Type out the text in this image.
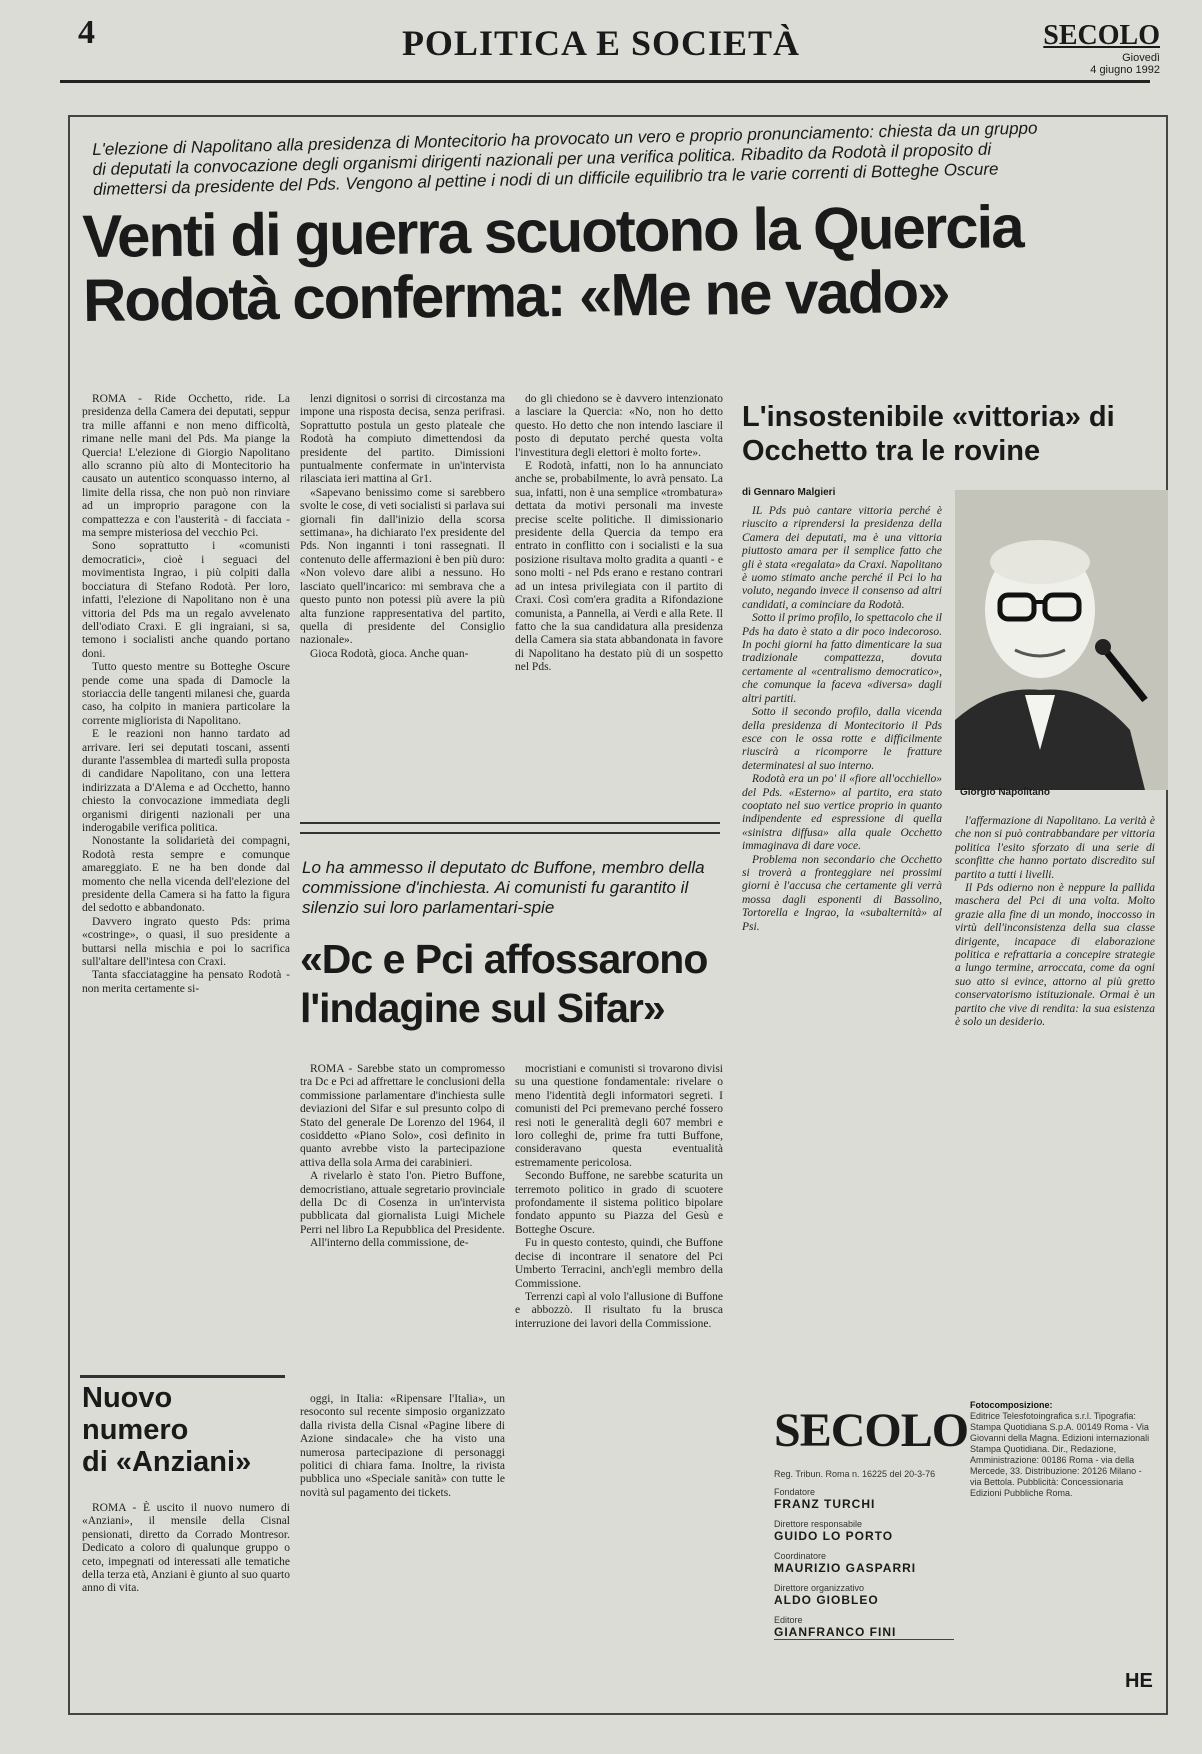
4	POLITICA E SOCIETÀ	SECOLO
Giovedì
4 giugno 1992
L'elezione di Napolitano alla presidenza di Montecitorio ha provocato un vero e proprio pronunciamento: chiesta da un gruppo di deputati la convocazione degli organismi dirigenti nazionali per una verifica politica. Ribadito da Rodotà il proposito di dimettersi da presidente del Pds. Vengono al pettine i nodi di un difficile equilibrio tra le varie correnti di Botteghe Oscure
Venti di guerra scuotono la Quercia
Rodotà conferma: «Me ne vado»

ROMA - Ride Occhetto, ride. La presidenza della Camera dei deputati, seppur tra mille affanni e non meno difficoltà, rimane nelle mani del Pds. Ma piange la Quercia! L'elezione di Giorgio Napolitano allo scranno più alto di Montecitorio ha causato un autentico sconquasso interno, al limite della rissa, che non può non rinviare ad un improprio paragone con la compattezza e con l'austerità - di facciata - ma sempre misteriosa del vecchio Pci.

Sono soprattutto i «comunisti democratici», cioè i seguaci del movimentista Ingrao, i più colpiti dalla bocciatura di Stefano Rodotà. Per loro, infatti, l'elezione di Napolitano non è una vittoria del Pds ma un regalo avvelenato dell'odiato Craxi. E gli ingraiani, si sa, temono i socialisti anche quando portano doni.

Tutto questo mentre su Botteghe Oscure pende come una spada di Damocle la storiaccia delle tangenti milanesi che, guarda caso, ha colpito in maniera particolare la corrente migliorista di Napolitano.

E le reazioni non hanno tardato ad arrivare. Ieri sei deputati toscani, assenti durante l'assemblea di martedì sulla proposta di candidare Napolitano, con una lettera indirizzata a D'Alema e ad Occhetto, hanno chiesto la convocazione immediata degli organismi dirigenti nazionali per una inderogabile verifica politica.

Nonostante la solidarietà dei compagni, Rodotà resta sempre e comunque amareggiato. E ne ha ben donde dal momento che nella vicenda dell'elezione del presidente della Camera si ha fatto la figura del sedotto e abbandonato.

Davvero ingrato questo Pds: prima «costringe», o quasi, il suo presidente a buttarsi nella mischia e poi lo sacrifica sull'altare dell'intesa con Craxi.

Tanta sfacciataggine ha pensato Rodotà - non merita certamente si-

lenzi dignitosi o sorrisi di circostanza ma impone una risposta decisa, senza perifrasi. Soprattutto postula un gesto plateale che Rodotà ha compiuto dimettendosi da presidente del partito. Dimissioni puntualmente confermate in un'intervista rilasciata ieri mattina al Gr1.

«Sapevano benissimo come si sarebbero svolte le cose, di veti socialisti si parlava sui giornali fin dall'inizio della scorsa settimana», ha dichiarato l'ex presidente del Pds. Non ingannti i toni rassegnati. Il contenuto delle affermazioni è ben più duro: «Non volevo dare alibi a nessuno. Ho lasciato quell'incarico: mi sembrava che a questo punto non potessi più avere la più alta funzione rappresentativa del partito, quella di presidente del Consiglio nazionale».

Gioca Rodotà, gioca. Anche quan-

do gli chiedono se è davvero intenzionato a lasciare la Quercia: «No, non ho detto questo. Ho detto che non intendo lasciare il posto di deputato perché questa volta l'investitura degli elettori è molto forte».

E Rodotà, infatti, non lo ha annunciato anche se, probabilmente, lo avrà pensato. La sua, infatti, non è una semplice «trombatura» dettata da motivi personali ma investe precise scelte politiche. Il dimissionario presidente della Quercia da tempo era entrato in conflitto con i socialisti e la sua posizione risultava molto gradita a quanti - e sono molti - nel Pds erano e restano contrari ad un intesa privilegiata con il partito di Craxi. Così com'era gradita a Rifondazione comunista, a Pannella, ai Verdi e alla Rete. Il fatto che la sua candidatura alla presidenza della Camera sia stata abbandonata in favore di Napolitano ha destato più di un sospetto nel Pds.

L'insostenibile «vittoria» di Occhetto tra le rovine
di Gennaro Malgieri

IL Pds può cantare vittoria perché è riuscito a riprendersi la presidenza della Camera dei deputati, ma è una vittoria piuttosto amara per il semplice fatto che gli è stata «regalata» da Craxi. Napolitano è uomo stimato anche perché il Pci lo ha voluto, negando invece il consenso ad altri candidati, a cominciare da Rodotà.

Sotto il primo profilo, lo spettacolo che il Pds ha dato è stato a dir poco indecoroso. In pochi giorni ha fatto dimenticare la sua tradizionale compattezza, dovuta certamente al «centralismo democratico», che comunque la faceva «diversa» dagli altri partiti.

Sotto il secondo profilo, dalla vicenda della presidenza di Montecitorio il Pds esce con le ossa rotte e difficilmente riuscirà a ricomporre le fratture determinatesi al suo interno.

Rodotà era un po' il «fiore all'occhiello» del Pds. «Esterno» al partito, era stato cooptato nel suo vertice proprio in quanto indipendente ed espressione di quella «sinistra diffusa» alla quale Occhetto immaginava di dare voce.

Problema non secondario che Occhetto si troverà a fronteggiare nei prossimi giorni è l'accusa che certamente gli verrà mossa dagli esponenti di Bassolino, Tortorella e Ingrao, la «subalternità» al Psi.

Giorgio Napolitano

l'affermazione di Napolitano. La verità è che non si può contrabbandare per vittoria politica l'esito sforzato di una serie di sconfitte che hanno portato discredito sul partito a tutti i livelli.

Il Pds odierno non è neppure la pallida maschera del Pci di una volta. Molto grazie alla fine di un mondo, inoccosso in virtù dell'inconsistenza della sua classe dirigente, incapace di elaborazione politica e refrattaria a concepire strategie a lungo termine, arroccata, come da ogni suo atto si evince, attorno al più gretto conservatorismo istituzionale. Ormai è un partito che vive di rendita: la sua esistenza è solo un desiderio.

Lo ha ammesso il deputato dc Buffone, membro della commissione d'inchiesta. Ai comunisti fu garantito il silenzio sui loro parlamentari-spie
«Dc e Pci affossarono
l'indagine sul Sifar»

ROMA - Sarebbe stato un compromesso tra Dc e Pci ad affrettare le conclusioni della commissione parlamentare d'inchiesta sulle deviazioni del Sifar e sul presunto colpo di Stato del generale De Lorenzo del 1964, il cosiddetto «Piano Solo», così definito in quanto avrebbe visto la partecipazione attiva della sola Arma dei carabinieri.

A rivelarlo è stato l'on. Pietro Buffone, democristiano, attuale segretario provinciale della Dc di Cosenza in un'intervista pubblicata dal giornalista Luigi Michele Perri nel libro La Repubblica del Presidente.

All'interno della commissione, de-

mocristiani e comunisti si trovarono divisi su una questione fondamentale: rivelare o meno l'identità degli informatori segreti. I comunisti del Pci premevano perché fossero resi noti le generalità degli 607 membri e loro colleghi de, prime fra tutti Buffone, consideravano questa eventualità estremamente pericolosa.

Secondo Buffone, ne sarebbe scaturita un terremoto politico in grado di scuotere profondamente il sistema politico bipolare fondato appunto su Piazza del Gesù e Botteghe Oscure.

Fu in questo contesto, quindi, che Buffone decise di incontrare il senatore del Pci Umberto Terracini, anch'egli membro della Commissione.

Terrenzi capì al volo l'allusione di Buffone e abbozzò. Il risultato fu la brusca interruzione dei lavori della Commissione.

Nuovo
numero
di «Anziani»

ROMA - È uscito il nuovo numero di «Anziani», il mensile della Cisnal pensionati, diretto da Corrado Montresor. Dedicato a coloro di qualunque gruppo o ceto, impegnati od interessati alle tematiche della terza età, Anziani è giunto al suo quarto anno di vita.

oggi, in Italia: «Ripensare l'Italia», un resoconto sul recente simposio organizzato dalla rivista della Cisnal «Pagine libere di Azione sindacale» che ha visto una numerosa partecipazione di personaggi politici di chiara fama. Inoltre, la rivista pubblica uno «Speciale sanità» con tutte le novità sul pagamento dei tickets.

SECOLO
Reg. Tribun. Roma n. 16225 del 20-3-76
Fondatore
FRANZ TURCHI
Direttore responsabile
GUIDO LO PORTO
Coordinatore
MAURIZIO GASPARRI
Direttore organizzativo
ALDO GIOBLEO
Editore
GIANFRANCO FINI
Fotocomposizione:
Editrice Telesfotoingrafica s.r.l. Tipografia: Stampa Quotidiana S.p.A. 00149 Roma - Via Giovanni della Magna. Edizioni internazionali Stampa Quotidiana. Dir., Redazione, Amministrazione: 00186 Roma - via della Mercede, 33. Distribuzione: 20126 Milano - via Bettola. Pubblicità: Concessionaria Edizioni Pubbliche Roma.
HE
